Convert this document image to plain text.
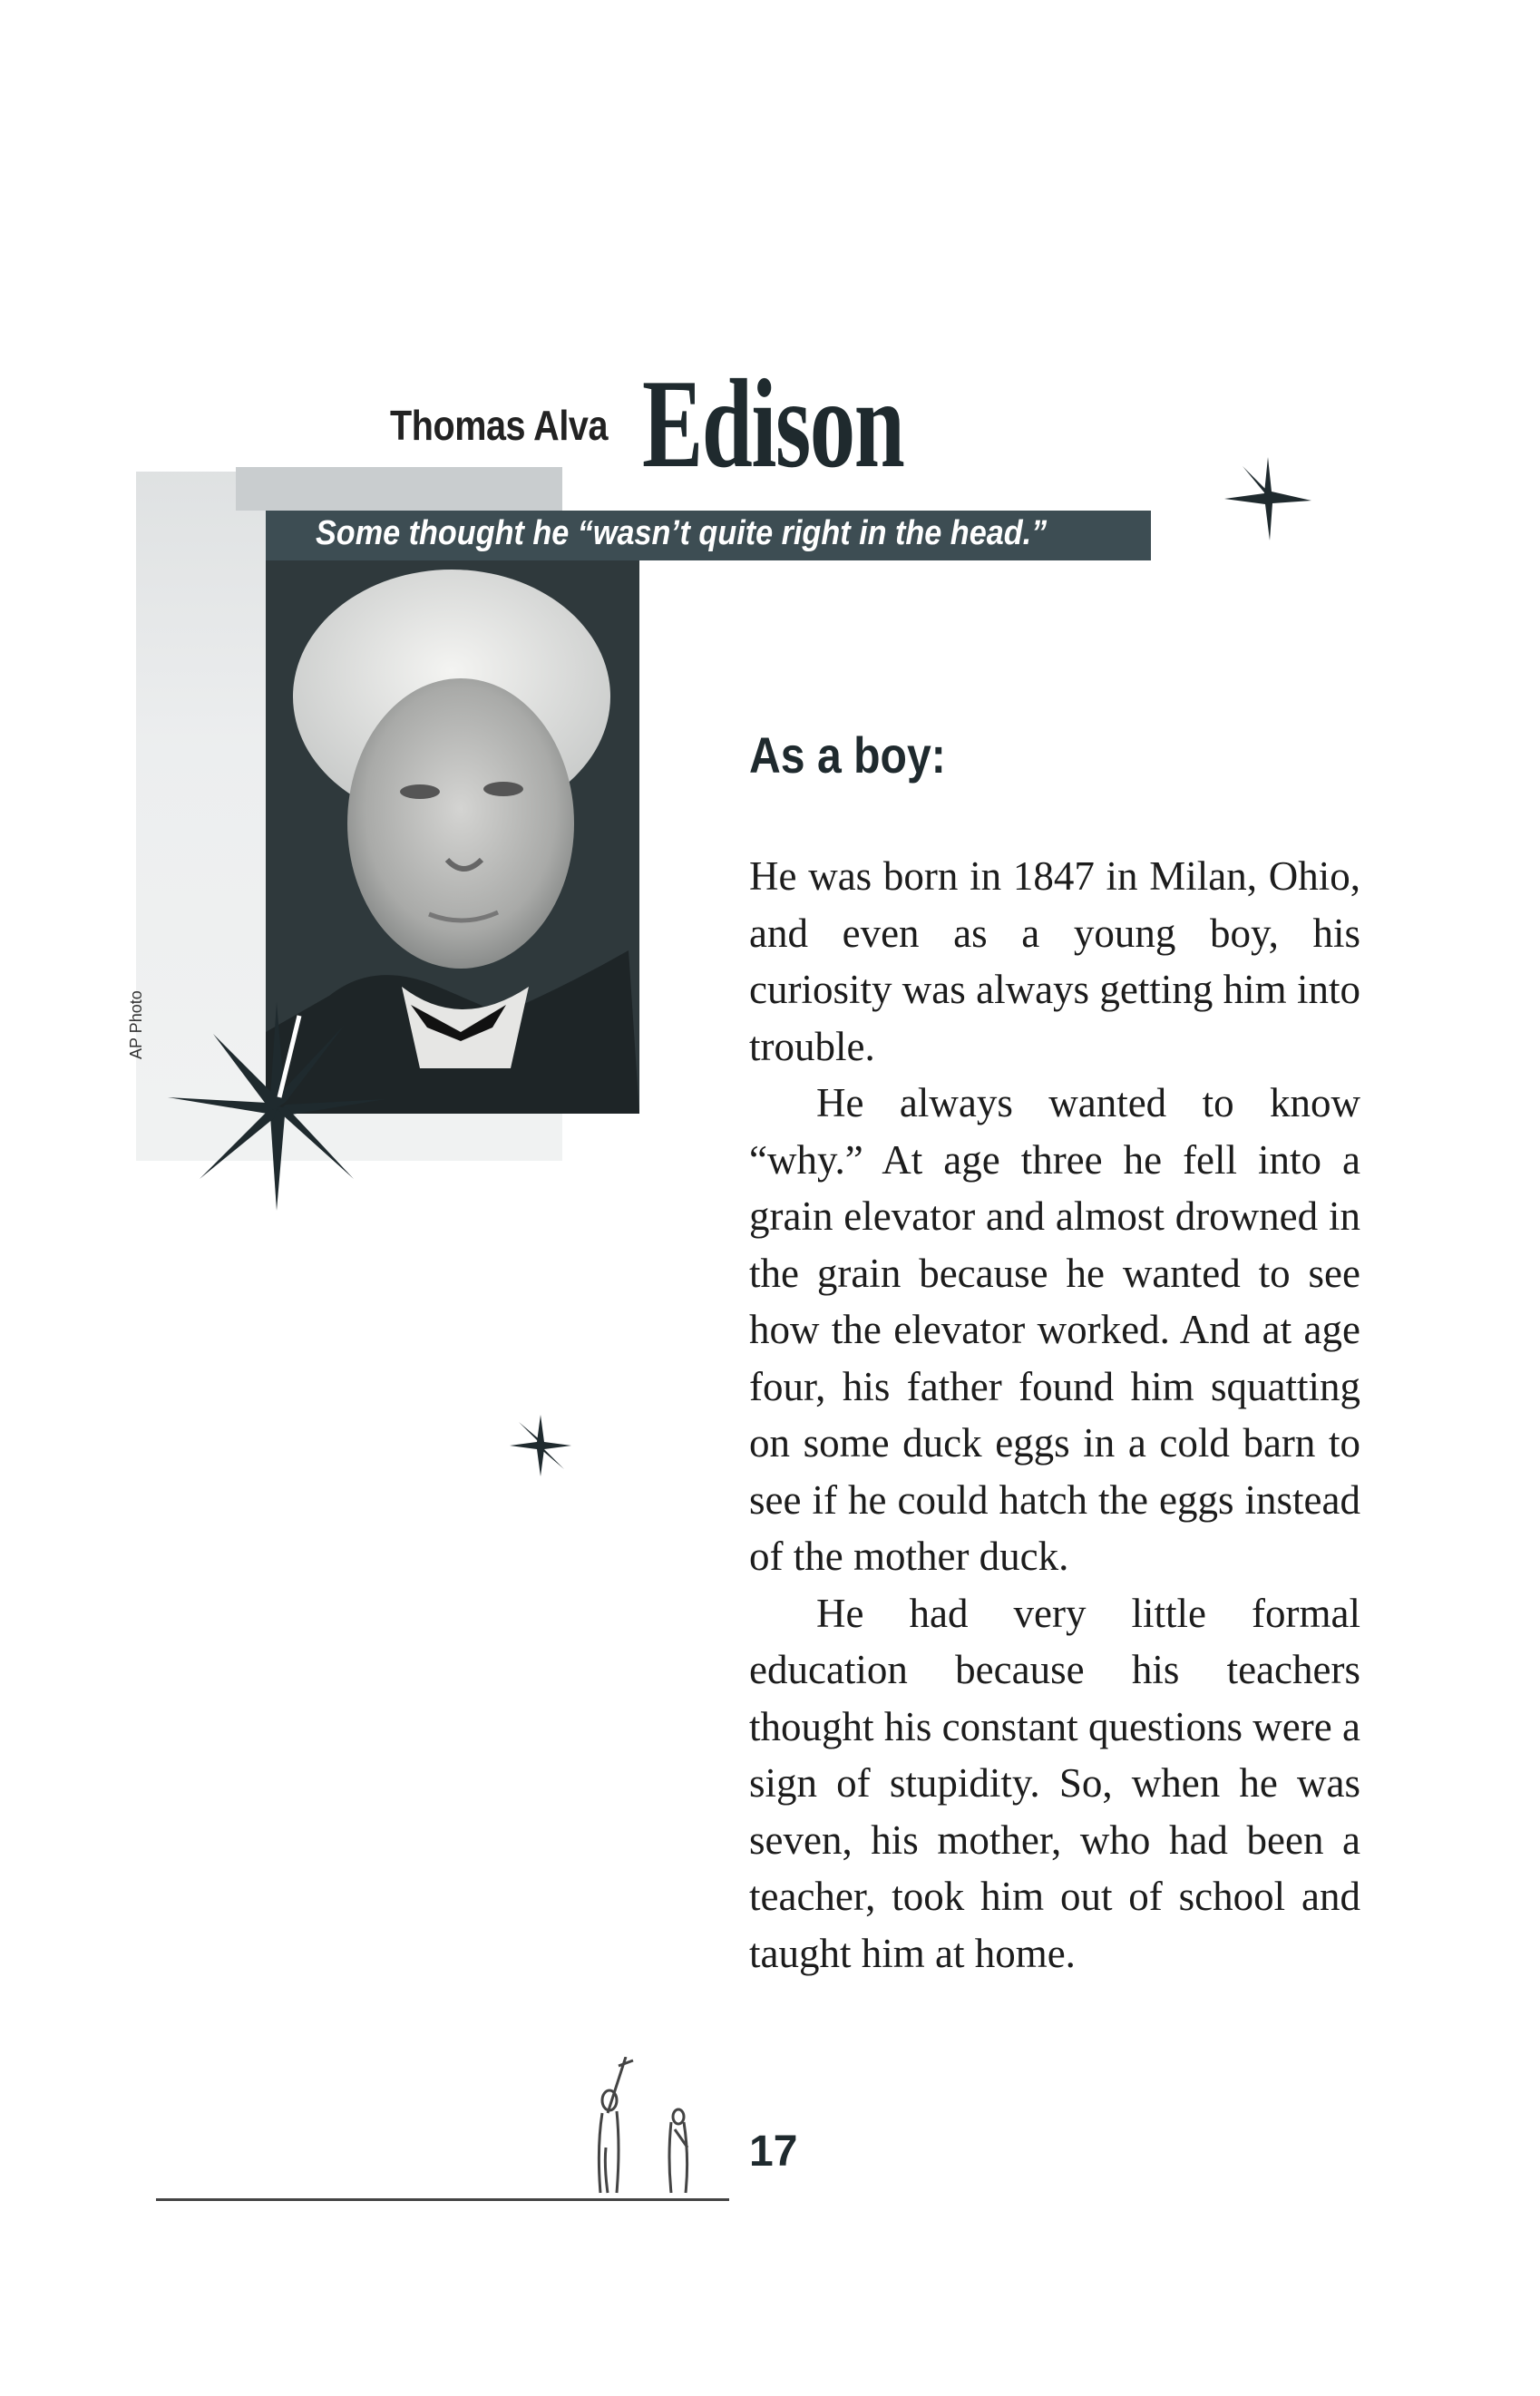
Thomas Alva Edison
Some thought he “wasn’t quite right in the head.”
AP Photo
As a boy:

He was born in 1847 in Milan, Ohio, and even as a young boy, his curiosity was always getting him into trouble.

He always wanted to know “why.” At age three he fell into a grain elevator and almost drowned in the grain because he wanted to see how the elevator worked. And at age four, his father found him squatting on some duck eggs in a cold barn to see if he could hatch the eggs instead of the mother duck.

He had very little formal education because his teachers thought his constant questions were a sign of stupidity. So, when he was seven, his mother, who had been a teacher, took him out of school and taught him at home.

17
